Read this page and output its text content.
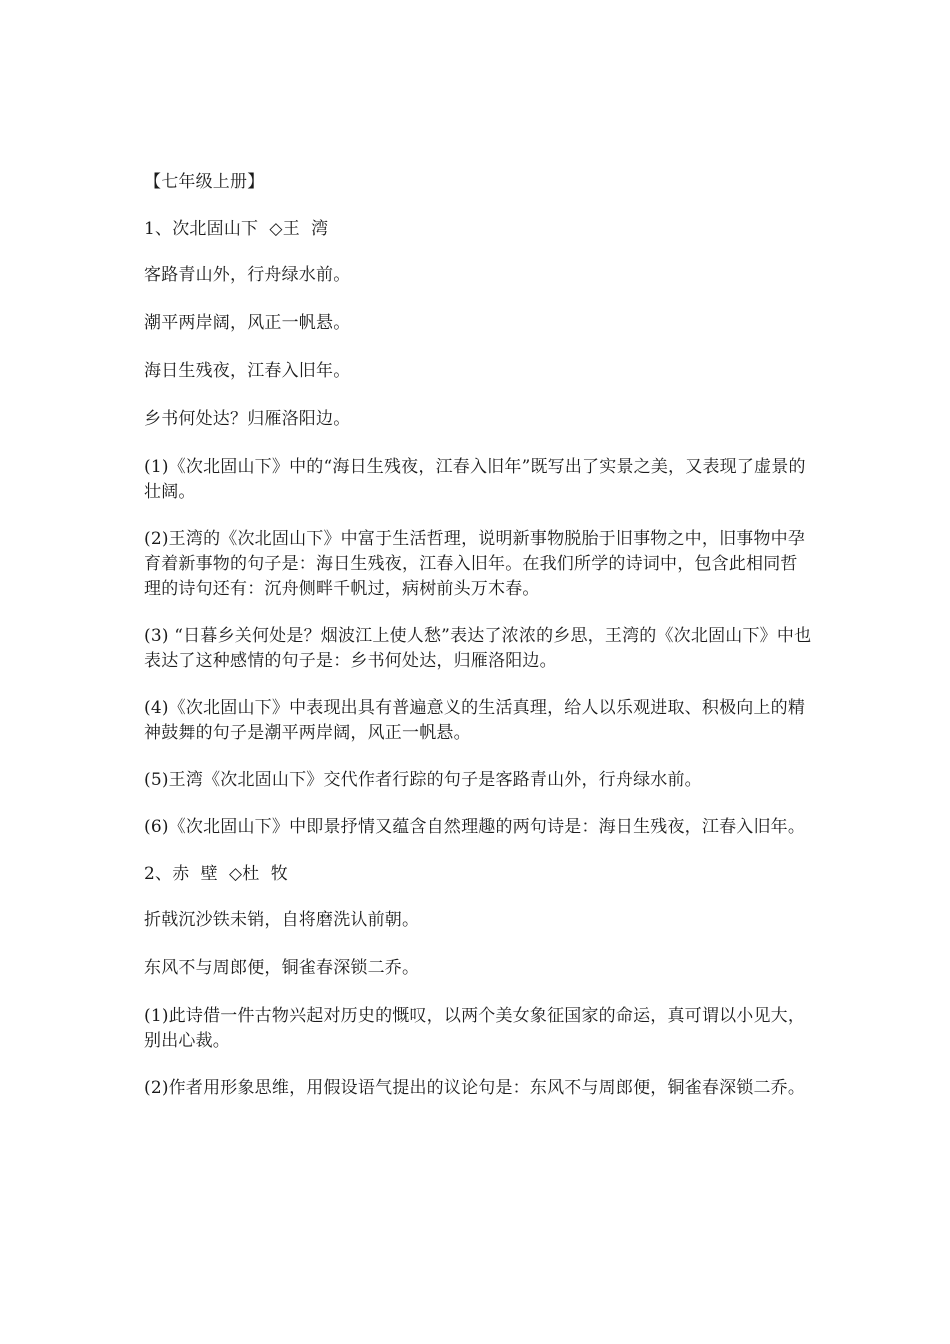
【七年级上册】

1、次北固山下  ◇王  湾

客路青山外，行舟绿水前。

潮平两岸阔，风正一帆悬。

海日生残夜，江春入旧年。

乡书何处达？归雁洛阳边。

(1)《次北固山下》中的“海日生残夜，江春入旧年”既写出了实景之美，又表现了虚景的壮阔。

(2)王湾的《次北固山下》中富于生活哲理，说明新事物脱胎于旧事物之中，旧事物中孕育着新事物的句子是：海日生残夜，江春入旧年。在我们所学的诗词中，包含此相同哲理的诗句还有：沉舟侧畔千帆过，病树前头万木春。

(3) “日暮乡关何处是？烟波江上使人愁”表达了浓浓的乡思，王湾的《次北固山下》中也表达了这种感情的句子是：乡书何处达，归雁洛阳边。

(4)《次北固山下》中表现出具有普遍意义的生活真理，给人以乐观进取、积极向上的精神鼓舞的句子是潮平两岸阔，风正一帆悬。

(5)王湾《次北固山下》交代作者行踪的句子是客路青山外，行舟绿水前。

(6)《次北固山下》中即景抒情又蕴含自然理趣的两句诗是：海日生残夜，江春入旧年。

2、赤  壁  ◇杜  牧

折戟沉沙铁未销，自将磨洗认前朝。

东风不与周郎便，铜雀春深锁二乔。

(1)此诗借一件古物兴起对历史的慨叹，以两个美女象征国家的命运，真可谓以小见大，别出心裁。

(2)作者用形象思维，用假设语气提出的议论句是：东风不与周郎便，铜雀春深锁二乔。
